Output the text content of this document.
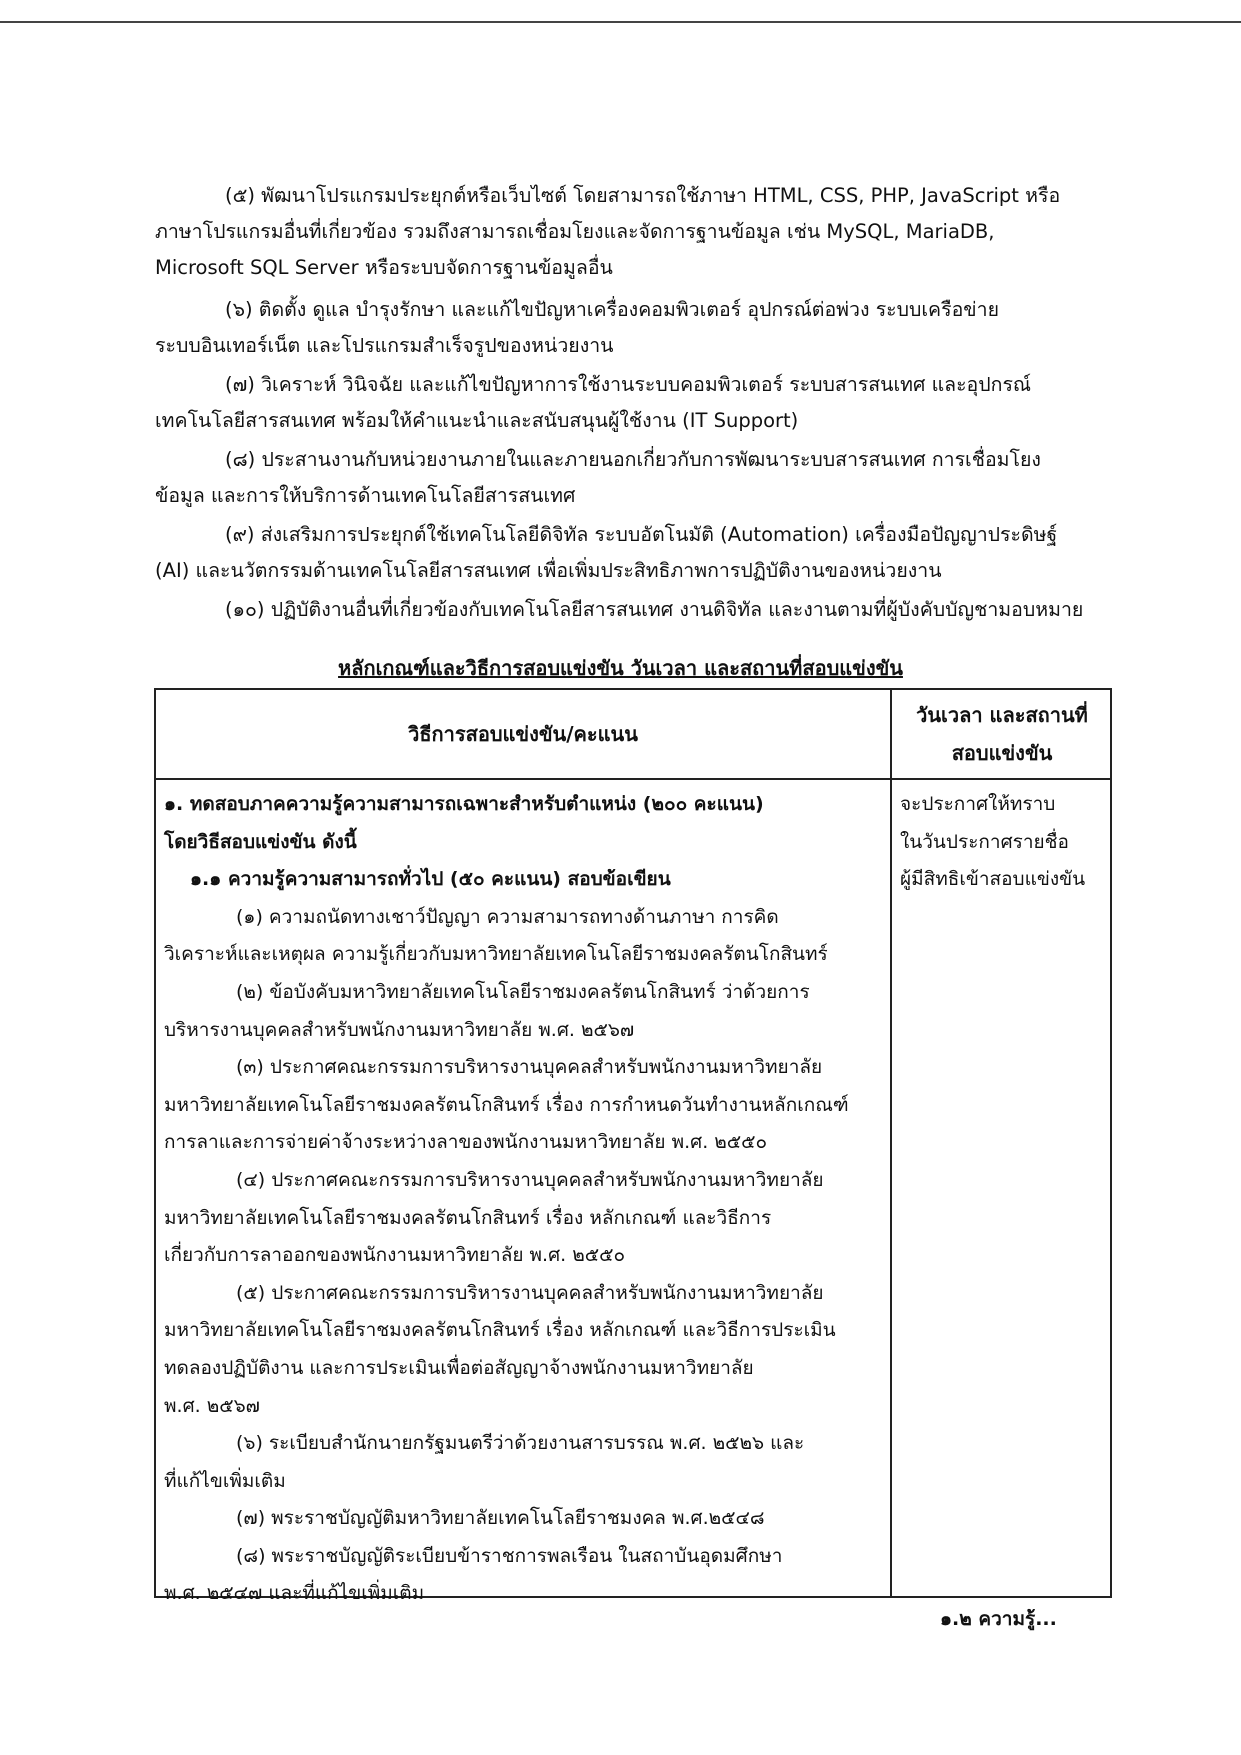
(๕) พัฒนาโปรแกรมประยุกต์หรือเว็บไซต์ โดยสามารถใช้ภาษา HTML, CSS, PHP, JavaScript หรือ
ภาษาโปรแกรมอื่นที่เกี่ยวข้อง รวมถึงสามารถเชื่อมโยงและจัดการฐานข้อมูล เช่น MySQL, MariaDB,
Microsoft SQL Server หรือระบบจัดการฐานข้อมูลอื่น

(๖) ติดตั้ง ดูแล บำรุงรักษา และแก้ไขปัญหาเครื่องคอมพิวเตอร์ อุปกรณ์ต่อพ่วง ระบบเครือข่าย
ระบบอินเทอร์เน็ต และโปรแกรมสำเร็จรูปของหน่วยงาน

(๗) วิเคราะห์ วินิจฉัย และแก้ไขปัญหาการใช้งานระบบคอมพิวเตอร์ ระบบสารสนเทศ และอุปกรณ์
เทคโนโลยีสารสนเทศ พร้อมให้คำแนะนำและสนับสนุนผู้ใช้งาน (IT Support)

(๘) ประสานงานกับหน่วยงานภายในและภายนอกเกี่ยวกับการพัฒนาระบบสารสนเทศ การเชื่อมโยง
ข้อมูล และการให้บริการด้านเทคโนโลยีสารสนเทศ

(๙) ส่งเสริมการประยุกต์ใช้เทคโนโลยีดิจิทัล ระบบอัตโนมัติ (Automation) เครื่องมือปัญญาประดิษฐ์
(AI) และนวัตกรรมด้านเทคโนโลยีสารสนเทศ เพื่อเพิ่มประสิทธิภาพการปฏิบัติงานของหน่วยงาน

(๑๐) ปฏิบัติงานอื่นที่เกี่ยวข้องกับเทคโนโลยีสารสนเทศ งานดิจิทัล และงานตามที่ผู้บังคับบัญชามอบหมาย

หลักเกณฑ์และวิธีการสอบแข่งขัน วันเวลา และสถานที่สอบแข่งขัน
วิธีการสอบแข่งขัน/คะแนน
วันเวลา และสถานที่
สอบแข่งขัน
๑. ทดสอบภาคความรู้ความสามารถเฉพาะสำหรับตำแหน่ง (๒๐๐ คะแนน)
โดยวิธีสอบแข่งขัน ดังนี้
๑.๑ ความรู้ความสามารถทั่วไป (๕๐ คะแนน) สอบข้อเขียน
(๑) ความถนัดทางเชาว์ปัญญา ความสามารถทางด้านภาษา การคิด
วิเคราะห์และเหตุผล ความรู้เกี่ยวกับมหาวิทยาลัยเทคโนโลยีราชมงคลรัตนโกสินทร์
(๒) ข้อบังคับมหาวิทยาลัยเทคโนโลยีราชมงคลรัตนโกสินทร์ ว่าด้วยการ
บริหารงานบุคคลสำหรับพนักงานมหาวิทยาลัย พ.ศ. ๒๕๖๗
(๓) ประกาศคณะกรรมการบริหารงานบุคคลสำหรับพนักงานมหาวิทยาลัย
มหาวิทยาลัยเทคโนโลยีราชมงคลรัตนโกสินทร์ เรื่อง การกำหนดวันทำงานหลักเกณฑ์
การลาและการจ่ายค่าจ้างระหว่างลาของพนักงานมหาวิทยาลัย พ.ศ. ๒๕๕๐
(๔) ประกาศคณะกรรมการบริหารงานบุคคลสำหรับพนักงานมหาวิทยาลัย
มหาวิทยาลัยเทคโนโลยีราชมงคลรัตนโกสินทร์ เรื่อง หลักเกณฑ์ และวิธีการ
เกี่ยวกับการลาออกของพนักงานมหาวิทยาลัย พ.ศ. ๒๕๕๐
(๕) ประกาศคณะกรรมการบริหารงานบุคคลสำหรับพนักงานมหาวิทยาลัย
มหาวิทยาลัยเทคโนโลยีราชมงคลรัตนโกสินทร์ เรื่อง หลักเกณฑ์ และวิธีการประเมิน
ทดลองปฏิบัติงาน และการประเมินเพื่อต่อสัญญาจ้างพนักงานมหาวิทยาลัย
พ.ศ. ๒๕๖๗
(๖) ระเบียบสำนักนายกรัฐมนตรีว่าด้วยงานสารบรรณ พ.ศ. ๒๕๒๖ และ
ที่แก้ไขเพิ่มเติม
(๗) พระราชบัญญัติมหาวิทยาลัยเทคโนโลยีราชมงคล พ.ศ.๒๕๔๘
(๘) พระราชบัญญัติระเบียบข้าราชการพลเรือน ในสถาบันอุดมศึกษา
พ.ศ. ๒๕๔๗ และที่แก้ไขเพิ่มเติม
จะประกาศให้ทราบ
ในวันประกาศรายชื่อ
ผู้มีสิทธิเข้าสอบแข่งขัน
๑.๒ ความรู้...
